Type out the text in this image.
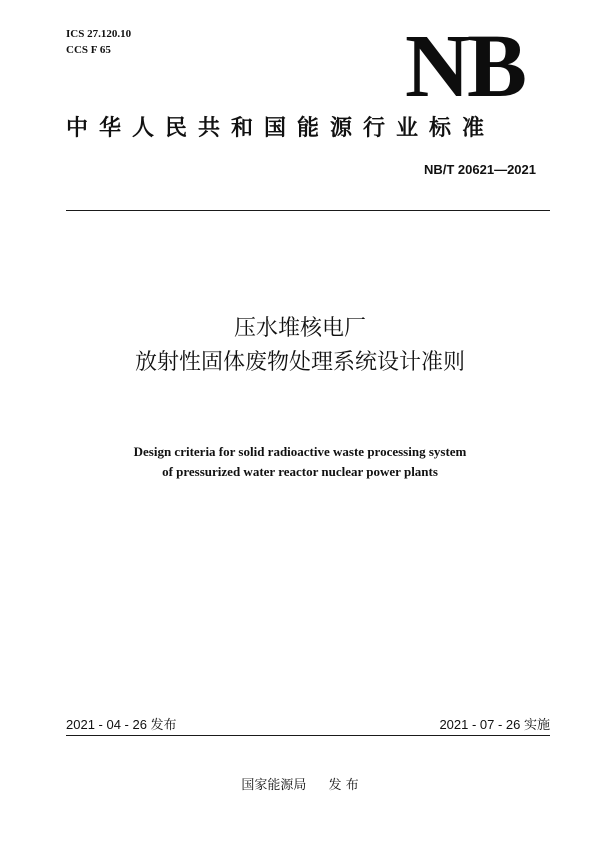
ICS 27.120.10
CCS F 65	NB
中华人民共和国能源行业标准
NB/T 20621—2021
压水堆核电厂
放射性固体废物处理系统设计准则
Design criteria for solid radioactive waste processing system
of pressurized water reactor nuclear power plants
2021 - 04 - 26 发布	2021 - 07 - 26 实施
国家能源局 发 布
